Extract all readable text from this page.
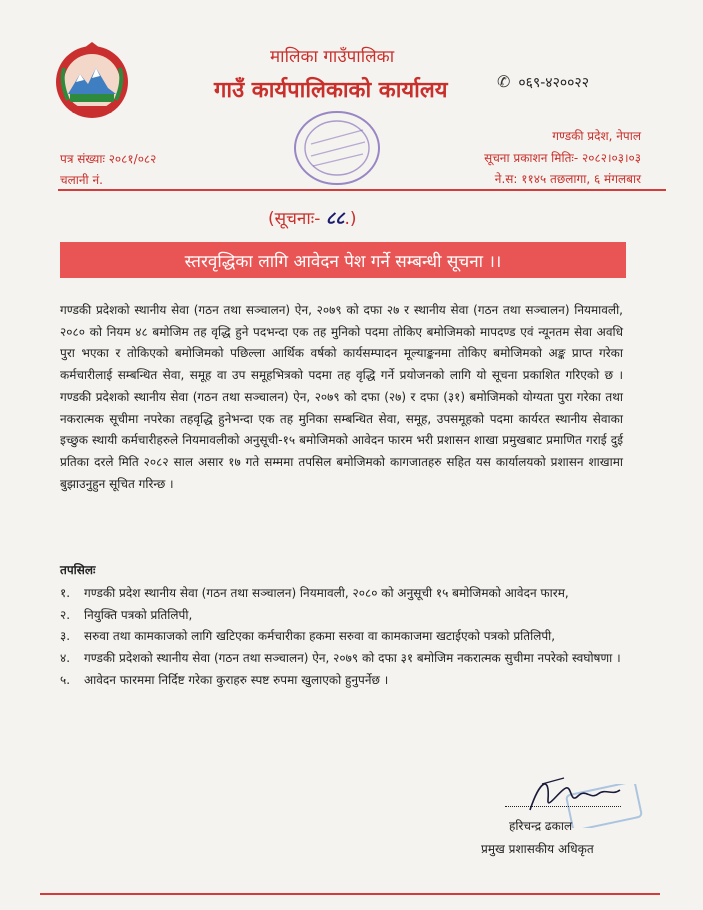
मालिका गाउँपालिका
गाउँ कार्यपालिकाको कार्यालय	✆ ०६९-४२००२२
गण्डकी प्रदेश, नेपाल
पत्र संख्याः २०८१/०८२	सूचना प्रकाशन मितिः- २०८२।०३।०३
चलानी नं.	ने.स: ११४५ तछलागा, ६ मंगलबार
(सूचनाः- ८८.)
स्तरवृद्धिका लागि आवेदन पेश गर्ने सम्बन्धी सूचना ।।
गण्डकी प्रदेशको स्थानीय सेवा (गठन तथा सञ्चालन) ऐन, २०७९ को दफा २७ र स्थानीय सेवा (गठन तथा सञ्चालन) नियमावली, २०८० को नियम ४८ बमोजिम तह वृद्धि हुने पदभन्दा एक तह मुनिको पदमा तोकिए बमोजिमको मापदण्ड एवं न्यूनतम सेवा अवधि पुरा भएका र तोकिएको बमोजिमको पछिल्ला आर्थिक वर्षको कार्यसम्पादन मूल्याङ्कनमा तोकिए बमोजिमको अङ्क प्राप्त गरेका कर्मचारीलाई सम्बन्धित सेवा, समूह वा उप समूहभित्रको पदमा तह वृद्धि गर्ने प्रयोजनको लागि यो सूचना प्रकाशित गरिएको छ । गण्डकी प्रदेशको स्थानीय सेवा (गठन तथा सञ्चालन) ऐन, २०७९ को दफा (२७) र दफा (३१) बमोजिमको योग्यता पुरा गरेका तथा नकरात्मक सूचीमा नपरेका तहवृद्धि हुनेभन्दा एक तह मुनिका सम्बन्धित सेवा, समूह, उपसमूहको पदमा कार्यरत स्थानीय सेवाका इच्छुक स्थायी कर्मचारीहरुले नियमावलीको अनुसूची-१५ बमोजिमको आवेदन फारम भरी प्रशासन शाखा प्रमुखबाट प्रमाणित गराई दुई प्रतिका दरले मिति २०८२ साल असार १७ गते सम्ममा तपसिल बमोजिमको कागजातहरु सहित यस कार्यालयको प्रशासन शाखामा बुझाउनुहुन सूचित गरिन्छ ।
तपसिलः
१.	गण्डकी प्रदेश स्थानीय सेवा (गठन तथा सञ्चालन) नियमावली, २०८० को अनुसूची १५ बमोजिमको आवेदन फारम,
२.	नियुक्ति पत्रको प्रतिलिपी,
३.	सरुवा तथा कामकाजको लागि खटिएका कर्मचारीका हकमा सरुवा वा कामकाजमा खटाईएको पत्रको प्रतिलिपी,
४.	गण्डकी प्रदेशको स्थानीय सेवा (गठन तथा सञ्चालन) ऐन, २०७९ को दफा ३१ बमोजिम नकरात्मक सुचीमा नपरेको स्वघोषणा ।
५.	आवेदन फारममा निर्दिष्ट गरेका कुराहरु स्पष्ट रुपमा खुलाएको हुनुपर्नेछ ।
हरिचन्द्र ढकाल
प्रमुख प्रशासकीय अधिकृत
